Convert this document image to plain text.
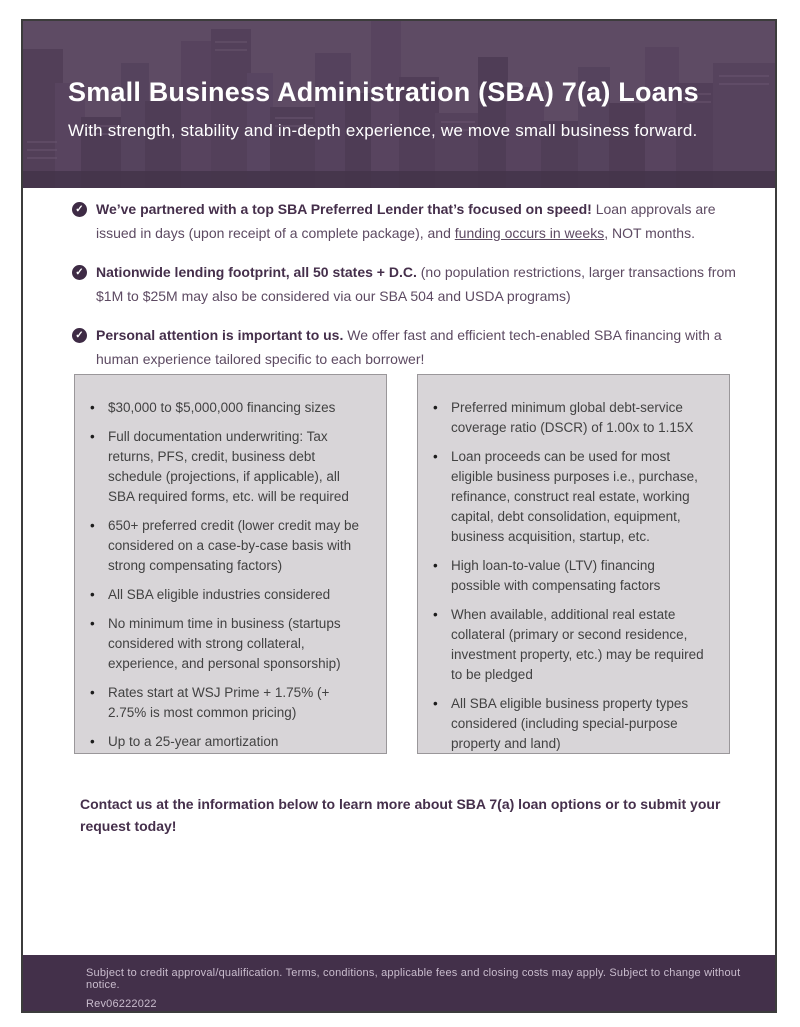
Small Business Administration (SBA) 7(a) Loans
With strength, stability and in-depth experience, we move small business forward.
✓ We’ve partnered with a top SBA Preferred Lender that’s focused on speed! Loan approvals are issued in days (upon receipt of a complete package), and funding occurs in weeks, NOT months.
✓ Nationwide lending footprint, all 50 states + D.C. (no population restrictions, larger transactions from $1M to $25M may also be considered via our SBA 504 and USDA programs)
✓ Personal attention is important to us. We offer fast and efficient tech-enabled SBA financing with a human experience tailored specific to each borrower!
• $30,000 to $5,000,000 financing sizes
• Full documentation underwriting: Tax returns, PFS, credit, business debt schedule (projections, if applicable), all SBA required forms, etc. will be required
• 650+ preferred credit (lower credit may be considered on a case-by-case basis with strong compensating factors)
• All SBA eligible industries considered
• No minimum time in business (startups considered with strong collateral, experience, and personal sponsorship)
• Rates start at WSJ Prime + 1.75% (+ 2.75% is most common pricing)
• Up to a 25-year amortization
• Preferred minimum global debt-service coverage ratio (DSCR) of 1.00x to 1.15X
• Loan proceeds can be used for most eligible business purposes i.e., purchase, refinance, construct real estate, working capital, debt consolidation, equipment, business acquisition, startup, etc.
• High loan-to-value (LTV) financing possible with compensating factors
• When available, additional real estate collateral (primary or second residence, investment property, etc.) may be required to be pledged
• All SBA eligible business property types considered (including special-purpose property and land)
Contact us at the information below to learn more about SBA 7(a) loan options or to submit your request today!
Subject to credit approval/qualification. Terms, conditions, applicable fees and closing costs may apply. Subject to change without notice.
Rev06222022
